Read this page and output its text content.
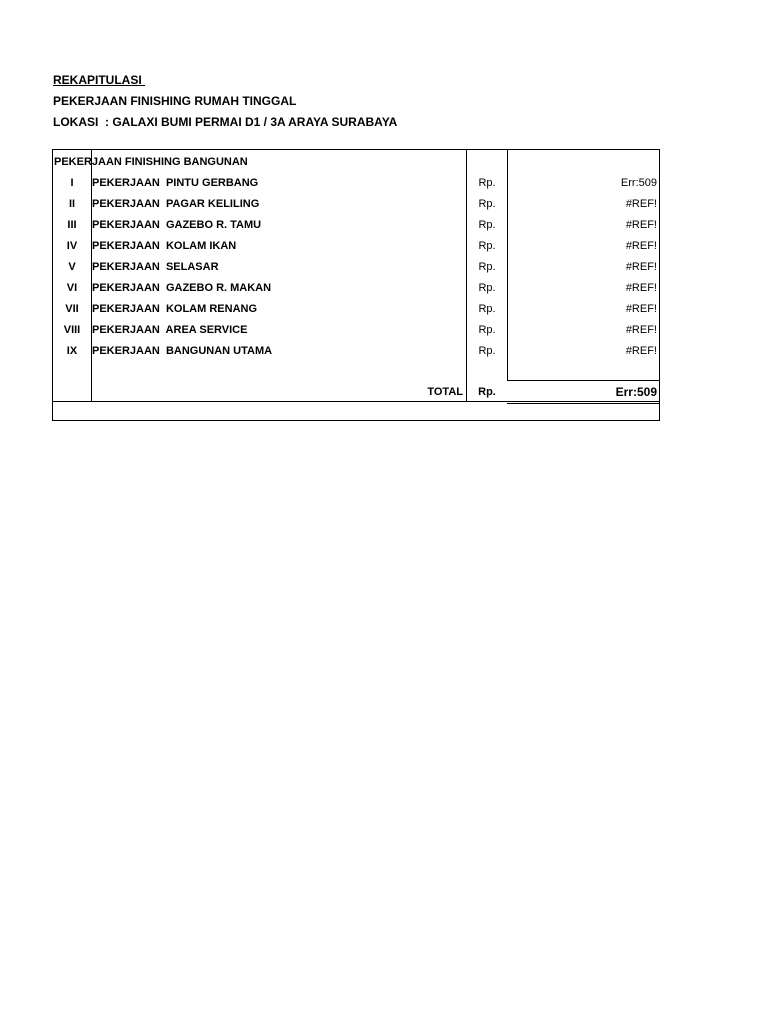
REKAPITULASI
PEKERJAAN FINISHING RUMAH TINGGAL
LOKASI  : GALAXI BUMI PERMAI D1 / 3A ARAYA SURABAYA
PEKERJAAN FINISHING BANGUNAN
I	PEKERJAAN  PINTU GERBANG	Rp.	Err:509
II	PEKERJAAN  PAGAR KELILING	Rp.	#REF!
III	PEKERJAAN  GAZEBO R. TAMU	Rp.	#REF!
IV	PEKERJAAN  KOLAM IKAN	Rp.	#REF!
V	PEKERJAAN  SELASAR	Rp.	#REF!
VI	PEKERJAAN  GAZEBO R. MAKAN	Rp.	#REF!
VII	PEKERJAAN  KOLAM RENANG	Rp.	#REF!
VIII	PEKERJAAN  AREA SERVICE	Rp.	#REF!
IX	PEKERJAAN  BANGUNAN UTAMA	Rp.	#REF!
TOTAL	Rp.	Err:509
